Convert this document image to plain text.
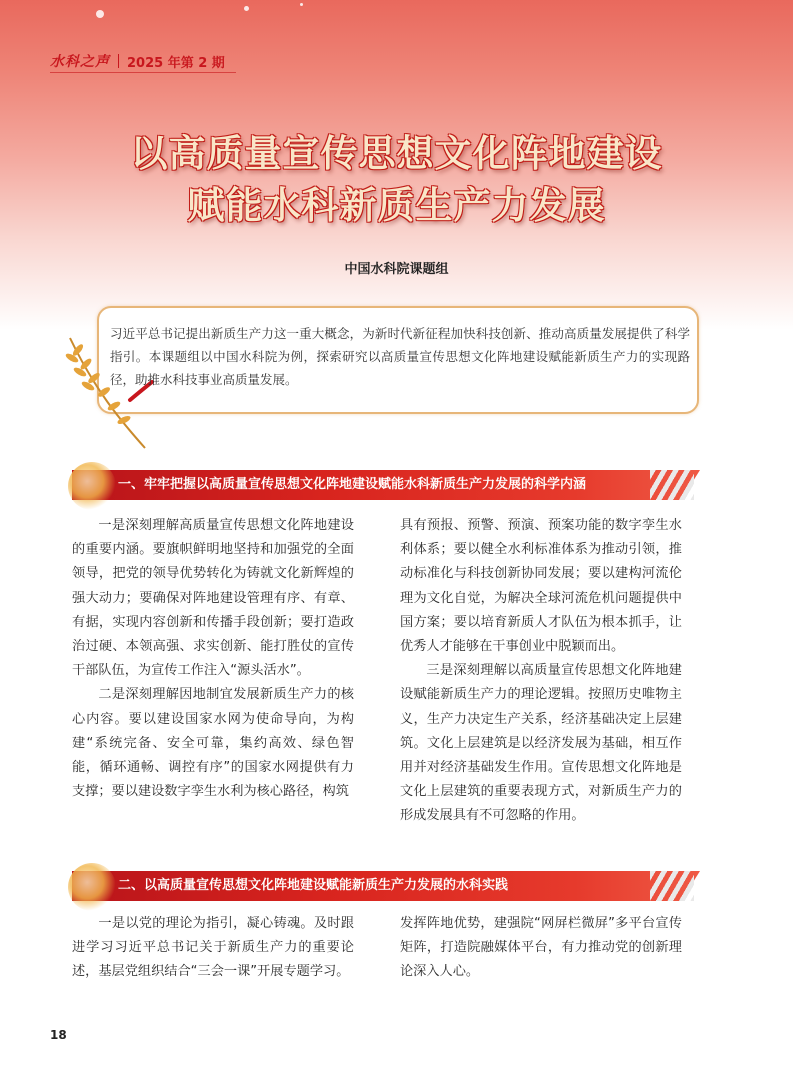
水科之声 2025 年第 2 期
以高质量宣传思想文化阵地建设
赋能水科新质生产力发展
中国水科院课题组
习近平总书记提出新质生产力这一重大概念，为新时代新征程加快科技创新、推动高质量发展提供了科学指引。本课题组以中国水科院为例，探索研究以高质量宣传思想文化阵地建设赋能新质生产力的实现路径，助推水科技事业高质量发展。
一、牢牢把握以高质量宣传思想文化阵地建设赋能水科新质生产力发展的科学内涵

一是深刻理解高质量宣传思想文化阵地建设的重要内涵。要旗帜鲜明地坚持和加强党的全面领导，把党的领导优势转化为铸就文化新辉煌的强大动力；要确保对阵地建设管理有序、有章、有据，实现内容创新和传播手段创新；要打造政治过硬、本领高强、求实创新、能打胜仗的宣传干部队伍，为宣传工作注入“源头活水”。

二是深刻理解因地制宜发展新质生产力的核心内容。要以建设国家水网为使命导向，为构建“系统完备、安全可靠，集约高效、绿色智能，循环通畅、调控有序”的国家水网提供有力支撑；要以建设数字孪生水利为核心路径，构筑

具有预报、预警、预演、预案功能的数字孪生水利体系；要以健全水利标准体系为推动引领，推动标准化与科技创新协同发展；要以建构河流伦理为文化自觉，为解决全球河流危机问题提供中国方案；要以培育新质人才队伍为根本抓手，让优秀人才能够在干事创业中脱颖而出。

三是深刻理解以高质量宣传思想文化阵地建设赋能新质生产力的理论逻辑。按照历史唯物主义，生产力决定生产关系，经济基础决定上层建筑。文化上层建筑是以经济发展为基础，相互作用并对经济基础发生作用。宣传思想文化阵地是文化上层建筑的重要表现方式，对新质生产力的形成发展具有不可忽略的作用。

二、以高质量宣传思想文化阵地建设赋能新质生产力发展的水科实践

一是以党的理论为指引，凝心铸魂。及时跟进学习习近平总书记关于新质生产力的重要论述，基层党组织结合“三会一课”开展专题学习。

发挥阵地优势，建强院“网屏栏微屏”多平台宣传矩阵，打造院融媒体平台，有力推动党的创新理论深入人心。

18
